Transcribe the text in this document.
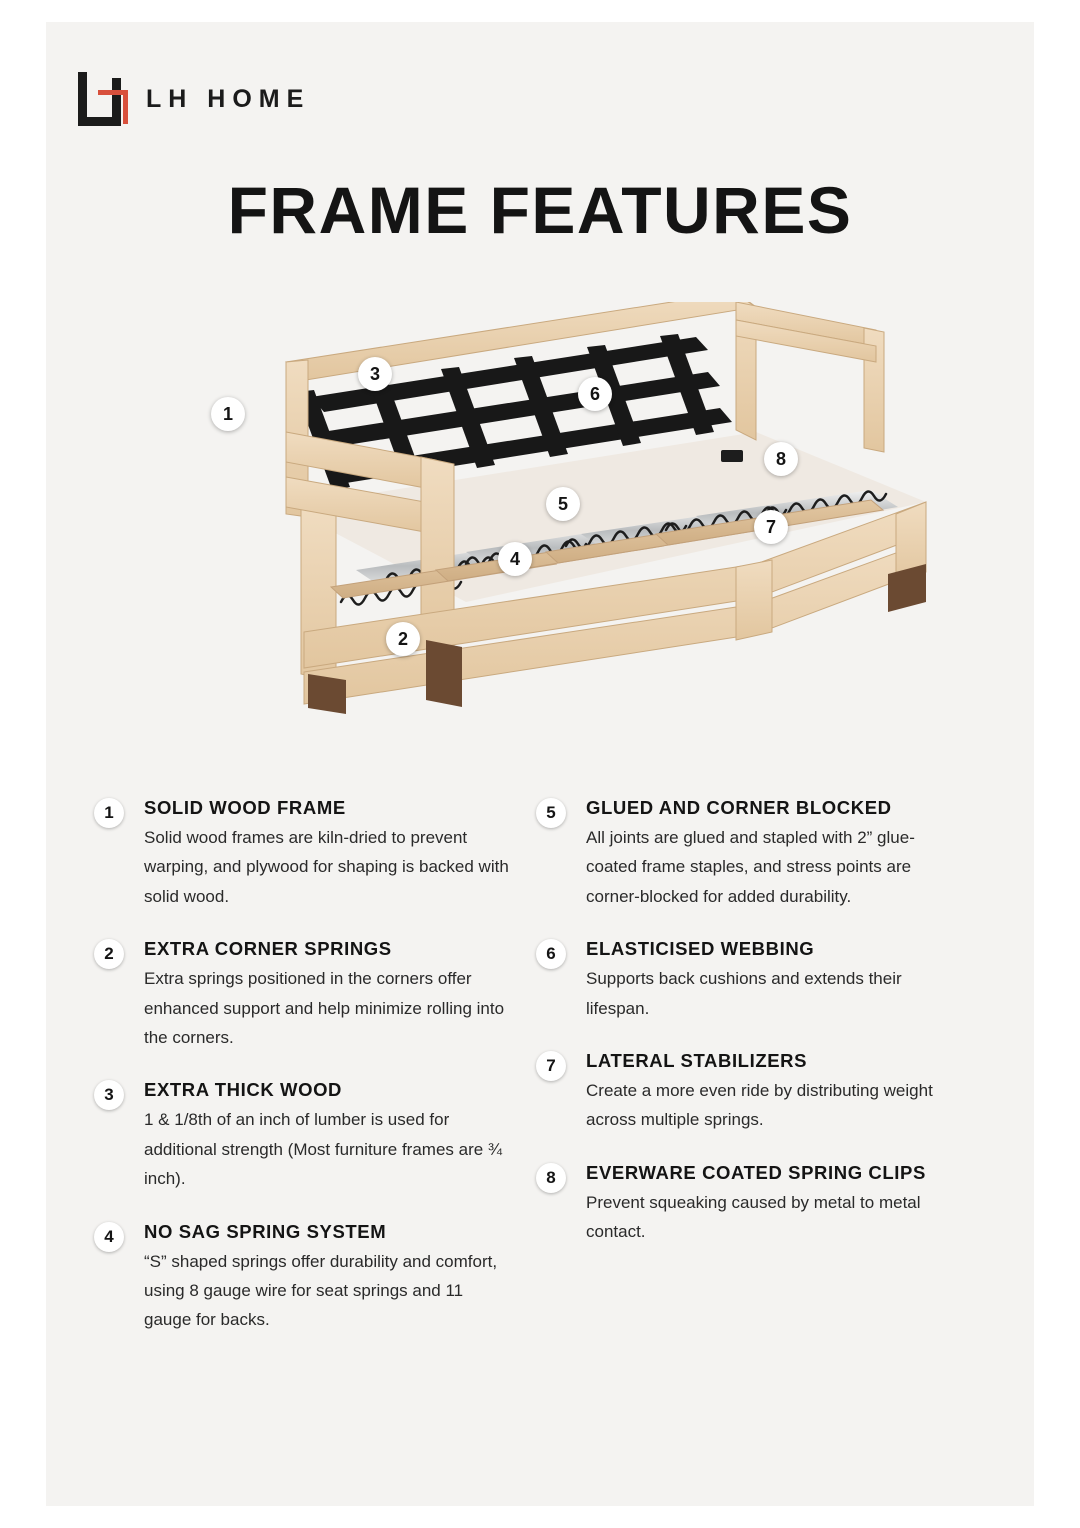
LH HOME
FRAME FEATURES
1
2
3
4
5
6
7
8
1	SOLID WOOD FRAME

Solid wood frames are kiln-dried to prevent warping, and plywood for shaping is backed with solid wood.

2	EXTRA CORNER SPRINGS

Extra springs positioned in the corners offer enhanced support and help minimize rolling into the corners.

3	EXTRA THICK WOOD

1 & 1/8th of an inch of lumber is used for additional strength (Most furniture frames are ¾ inch).

4	NO SAG SPRING SYSTEM

“S” shaped springs offer durability and comfort, using 8 gauge wire for seat springs and 11 gauge for backs.

5	GLUED AND CORNER BLOCKED

All joints are glued and stapled with 2” glue-coated frame staples, and stress points are corner-blocked for added durability.

6	ELASTICISED WEBBING

Supports back cushions and extends their lifespan.

7	LATERAL STABILIZERS

Create a more even ride by distributing weight across multiple springs.

8	EVERWARE COATED SPRING CLIPS

Prevent squeaking caused by metal to metal contact.
